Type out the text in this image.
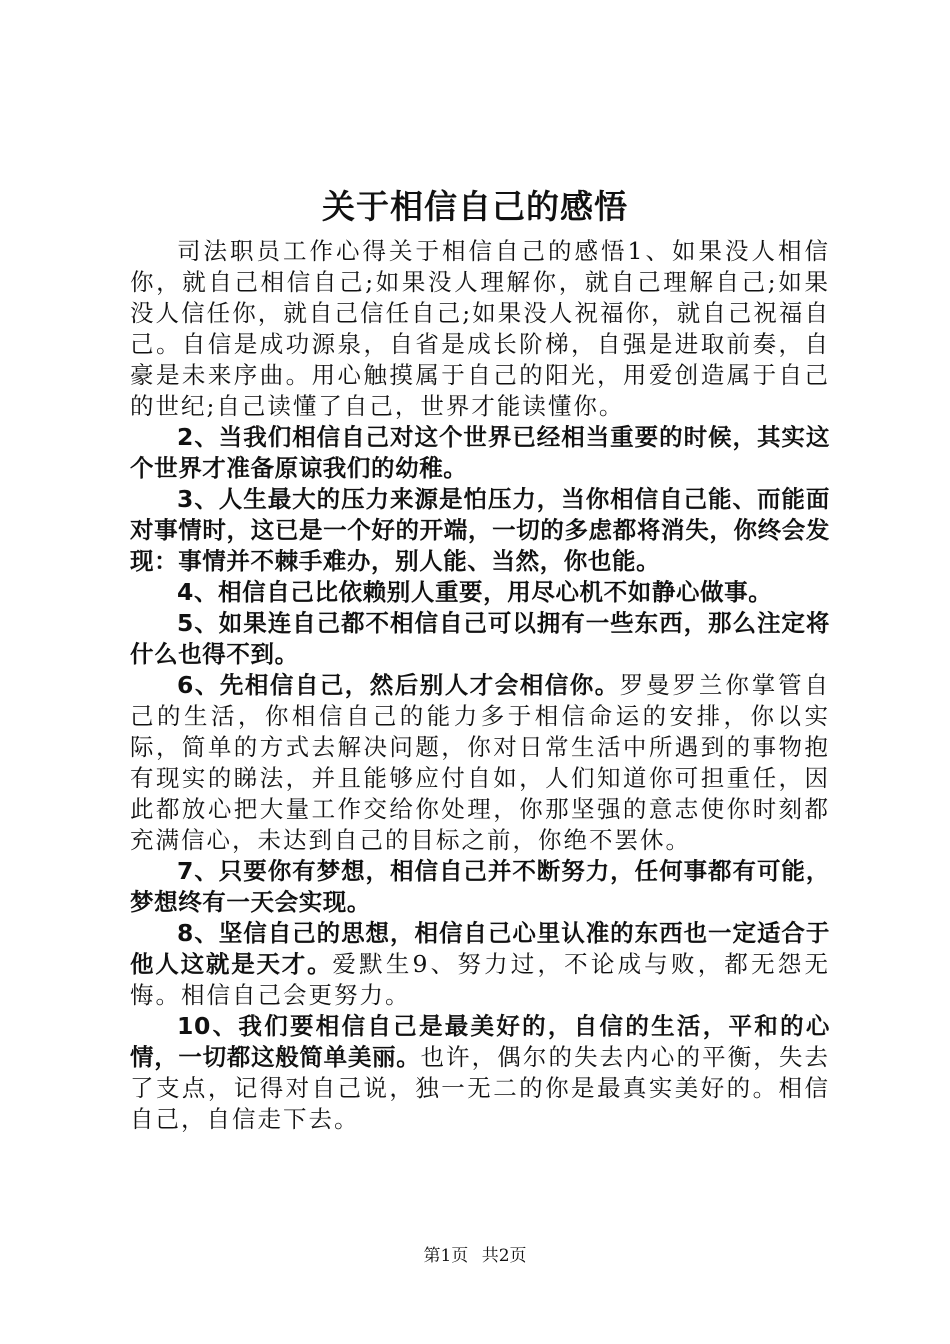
关于相信自己的感悟

司法职员工作心得关于相信自己的感悟1、如果没人相信你，就自己相信自己;如果没人理解你，就自己理解自己;如果没人信任你，就自己信任自己;如果没人祝福你，就自己祝福自己。自信是成功源泉，自省是成长阶梯，自强是进取前奏，自豪是未来序曲。用心触摸属于自己的阳光，用爱创造属于自己的世纪;自己读懂了自己，世界才能读懂你。

2、当我们相信自己对这个世界已经相当重要的时候，其实这个世界才准备原谅我们的幼稚。

3、人生最大的压力来源是怕压力，当你相信自己能、而能面对事情时，这已是一个好的开端，一切的多虑都将消失，你终会发现：事情并不棘手难办，别人能、当然，你也能。

4、相信自己比依赖别人重要，用尽心机不如静心做事。

5、如果连自己都不相信自己可以拥有一些东西，那么注定将什么也得不到。

6、先相信自己，然后别人才会相信你。罗曼罗兰你掌管自己的生活，你相信自己的能力多于相信命运的安排，你以实际，简单的方式去解决问题，你对日常生活中所遇到的事物抱有现实的睇法，并且能够应付自如，人们知道你可担重任，因此都放心把大量工作交给你处理，你那坚强的意志使你时刻都充满信心，未达到自己的目标之前，你绝不罢休。

7、只要你有梦想，相信自己并不断努力，任何事都有可能，梦想终有一天会实现。

8、坚信自己的思想，相信自己心里认准的东西也一定适合于他人这就是天才。爱默生9、努力过，不论成与败，都无怨无悔。相信自己会更努力。

10、我们要相信自己是最美好的，自信的生活，平和的心情，一切都这般简单美丽。也许，偶尔的失去内心的平衡，失去了支点，记得对自己说，独一无二的你是最真实美好的。相信自己，自信走下去。

第1页 共2页
